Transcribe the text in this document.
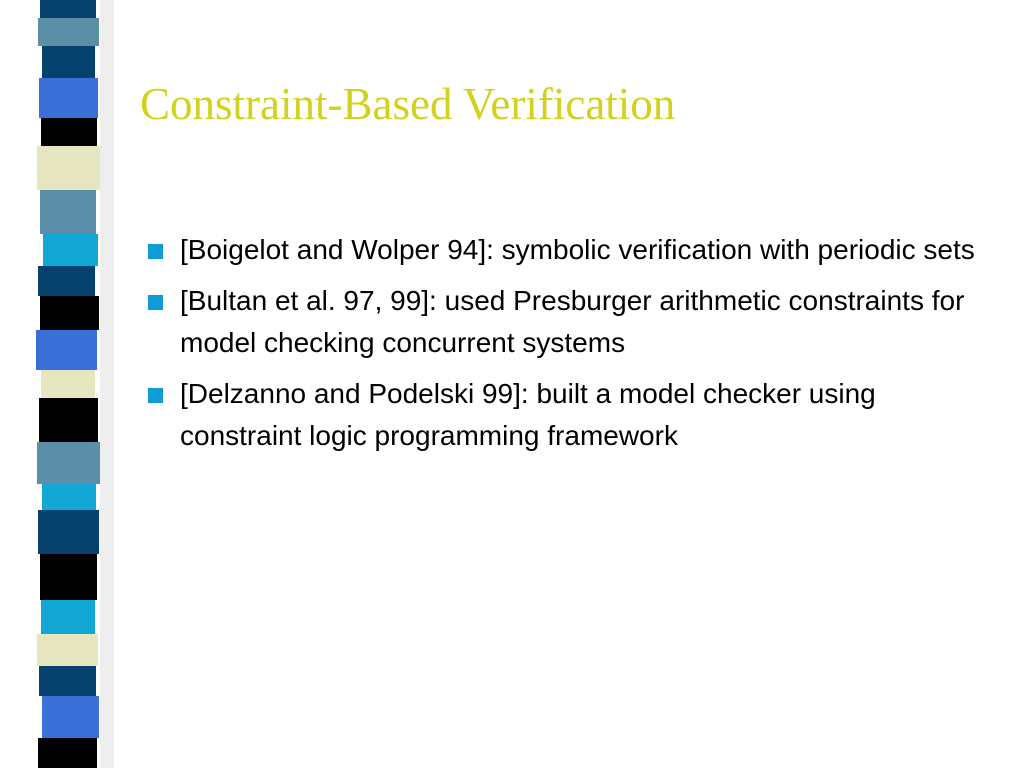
Constraint-Based Verification
[Boigelot and Wolper 94]: symbolic verification with periodic sets
[Bultan et al. 97, 99]: used Presburger arithmetic constraints for model checking concurrent systems
[Delzanno and Podelski 99]: built a model checker using constraint logic programming framework
